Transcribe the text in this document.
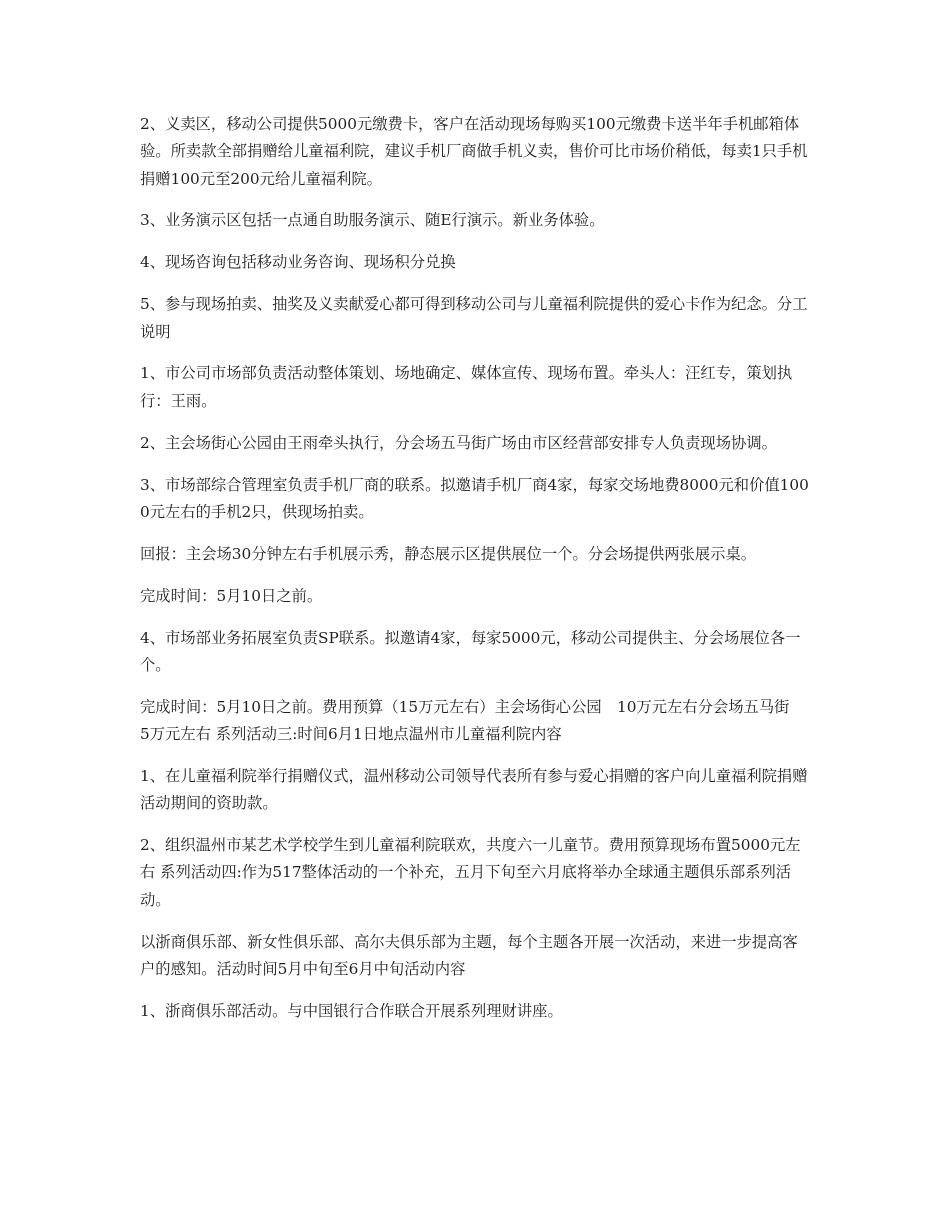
2、义卖区，移动公司提供5000元缴费卡，客户在活动现场每购买100元缴费卡送半年手机邮箱体验。所卖款全部捐赠给儿童福利院，建议手机厂商做手机义卖，售价可比市场价稍低，每卖1只手机捐赠100元至200元给儿童福利院。

3、业务演示区包括一点通自助服务演示、随E行演示。新业务体验。

4、现场咨询包括移动业务咨询、现场积分兑换

5、参与现场拍卖、抽奖及义卖献爱心都可得到移动公司与儿童福利院提供的爱心卡作为纪念。分工说明

1、市公司市场部负责活动整体策划、场地确定、媒体宣传、现场布置。牵头人：汪红专，策划执行：王雨。

2、主会场街心公园由王雨牵头执行，分会场五马街广场由市区经营部安排专人负责现场协调。

3、市场部综合管理室负责手机厂商的联系。拟邀请手机厂商4家，每家交场地费8000元和价值1000元左右的手机2只，供现场拍卖。

回报：主会场30分钟左右手机展示秀，静态展示区提供展位一个。分会场提供两张展示桌。

完成时间：5月10日之前。

4、市场部业务拓展室负责SP联系。拟邀请4家，每家5000元，移动公司提供主、分会场展位各一个。

完成时间：5月10日之前。费用预算（15万元左右）主会场街心公园　10万元左右分会场五马街　 5万元左右 系列活动三:时间6月1日地点温州市儿童福利院内容

1、在儿童福利院举行捐赠仪式，温州移动公司领导代表所有参与爱心捐赠的客户向儿童福利院捐赠活动期间的资助款。

2、组织温州市某艺术学校学生到儿童福利院联欢，共度六一儿童节。费用预算现场布置5000元左右 系列活动四:作为517整体活动的一个补充，五月下旬至六月底将举办全球通主题俱乐部系列活动。

以浙商俱乐部、新女性俱乐部、高尔夫俱乐部为主题，每个主题各开展一次活动，来进一步提高客户的感知。活动时间5月中旬至6月中旬活动内容

1、浙商俱乐部活动。与中国银行合作联合开展系列理财讲座。
